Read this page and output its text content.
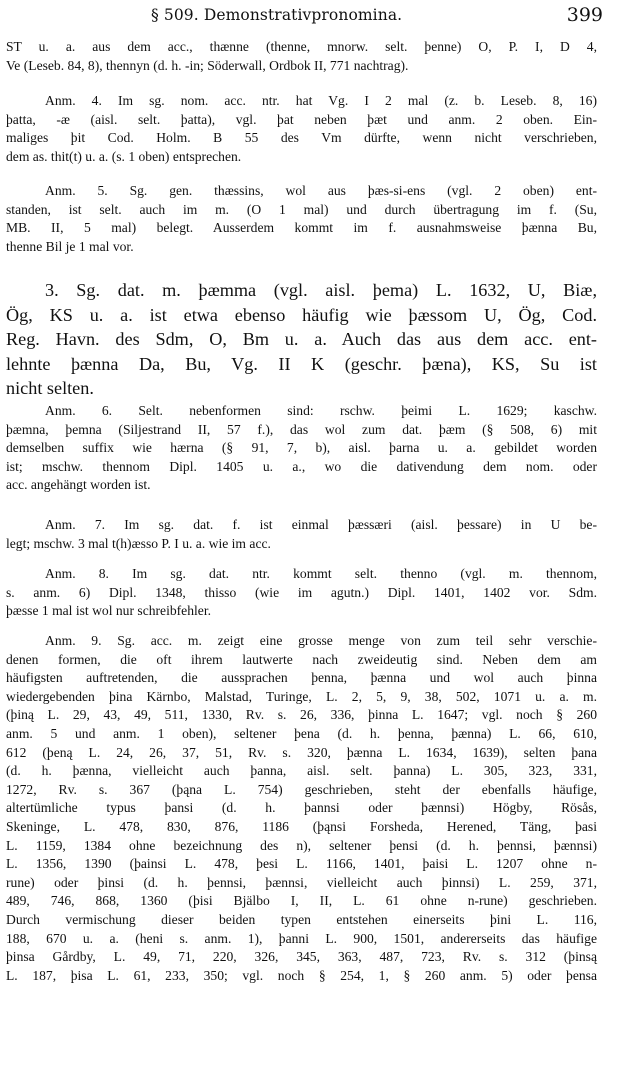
§ 509. Demonstrativpronomina.	399
ST u. a. aus dem acc., thænne (thenne, mnorw. selt. þenne) O, P. I, D 4,
Ve (Leseb. 84, 8), thennyn (d. h. -in; Söderwall, Ordbok II, 771 nachtrag).
Anm. 4. Im sg. nom. acc. ntr. hat Vg. I 2 mal (z. b. Leseb. 8, 16)
þatta, -æ (aisl. selt. þatta), vgl. þat neben þæt und anm. 2 oben. Ein-
maliges þit Cod. Holm. B 55 des Vm dürfte, wenn nicht verschrieben,
dem as. thit(t) u. a. (s. 1 oben) entsprechen.
Anm. 5. Sg. gen. thæssins, wol aus þæs-si-ens (vgl. 2 oben) ent-
standen, ist selt. auch im m. (O 1 mal) und durch übertragung im f. (Su,
MB. II, 5 mal) belegt. Ausserdem kommt im f. ausnahmsweise þænna Bu,
thenne Bil je 1 mal vor.
3. Sg. dat. m. þæmma (vgl. aisl. þema) L. 1632, U, Biæ,
Ög, KS u. a. ist etwa ebenso häufig wie þæssom U, Ög, Cod.
Reg. Havn. des Sdm, O, Bm u. a. Auch das aus dem acc. ent-
lehnte þænna Da, Bu, Vg. II K (geschr. þæna), KS, Su ist
nicht selten.
Anm. 6. Selt. nebenformen sind: rschw. þeimi L. 1629; kaschw.
þæmna, þemna (Siljestrand II, 57 f.), das wol zum dat. þæm (§ 508, 6) mit
demselben suffix wie hærna (§ 91, 7, b), aisl. þarna u. a. gebildet worden
ist; mschw. thennom Dipl. 1405 u. a., wo die dativendung dem nom. oder
acc. angehängt worden ist.
Anm. 7. Im sg. dat. f. ist einmal þæssæri (aisl. þessare) in U be-
legt; mschw. 3 mal t(h)æsso P. I u. a. wie im acc.
Anm. 8. Im sg. dat. ntr. kommt selt. thenno (vgl. m. thennom,
s. anm. 6) Dipl. 1348, thisso (wie im agutn.) Dipl. 1401, 1402 vor. Sdm.
þæsse 1 mal ist wol nur schreibfehler.
Anm. 9. Sg. acc. m. zeigt eine grosse menge von zum teil sehr verschie-
denen formen, die oft ihrem lautwerte nach zweideutig sind. Neben dem am
häufigsten auftretenden, die aussprachen þenna, þænna und wol auch þinna
wiedergebenden þina Kärnbo, Malstad, Turinge, L. 2, 5, 9, 38, 502, 1071 u. a. m.
(þiną L. 29, 43, 49, 511, 1330, Rv. s. 26, 336, þinna L. 1647; vgl. noch § 260
anm. 5 und anm. 1 oben), seltener þena (d. h. þenna, þænna) L. 66, 610,
612 (þeną L. 24, 26, 37, 51, Rv. s. 320, þænna L. 1634, 1639), selten þana
(d. h. þænna, vielleicht auch þanna, aisl. selt. þanna) L. 305, 323, 331,
1272, Rv. s. 367 (þąna L. 754) geschrieben, steht der ebenfalls häufige,
altertümliche typus þansi (d. h. þannsi oder þænnsi) Högby, Rösås,
Skeninge, L. 478, 830, 876, 1186 (þąnsi Forsheda, Herened, Täng, þasi
L. 1159, 1384 ohne bezeichnung des n), seltener þensi (d. h. þennsi, þænnsi)
L. 1356, 1390 (þainsi L. 478, þesi L. 1166, 1401, þaisi L. 1207 ohne n-
rune) oder þinsi (d. h. þennsi, þænnsi, vielleicht auch þinnsi) L. 259, 371,
489, 746, 868, 1360 (þisi Bjälbo I, II, L. 61 ohne n-rune) geschrieben.
Durch vermischung dieser beiden typen entstehen einerseits þini L. 116,
188, 670 u. a. (heni s. anm. 1), þanni L. 900, 1501, andererseits das häufige
þinsa Gårdby, L. 49, 71, 220, 326, 345, 363, 487, 723, Rv. s. 312 (þinsą
L. 187, þisa L. 61, 233, 350; vgl. noch § 254, 1, § 260 anm. 5) oder þensa
